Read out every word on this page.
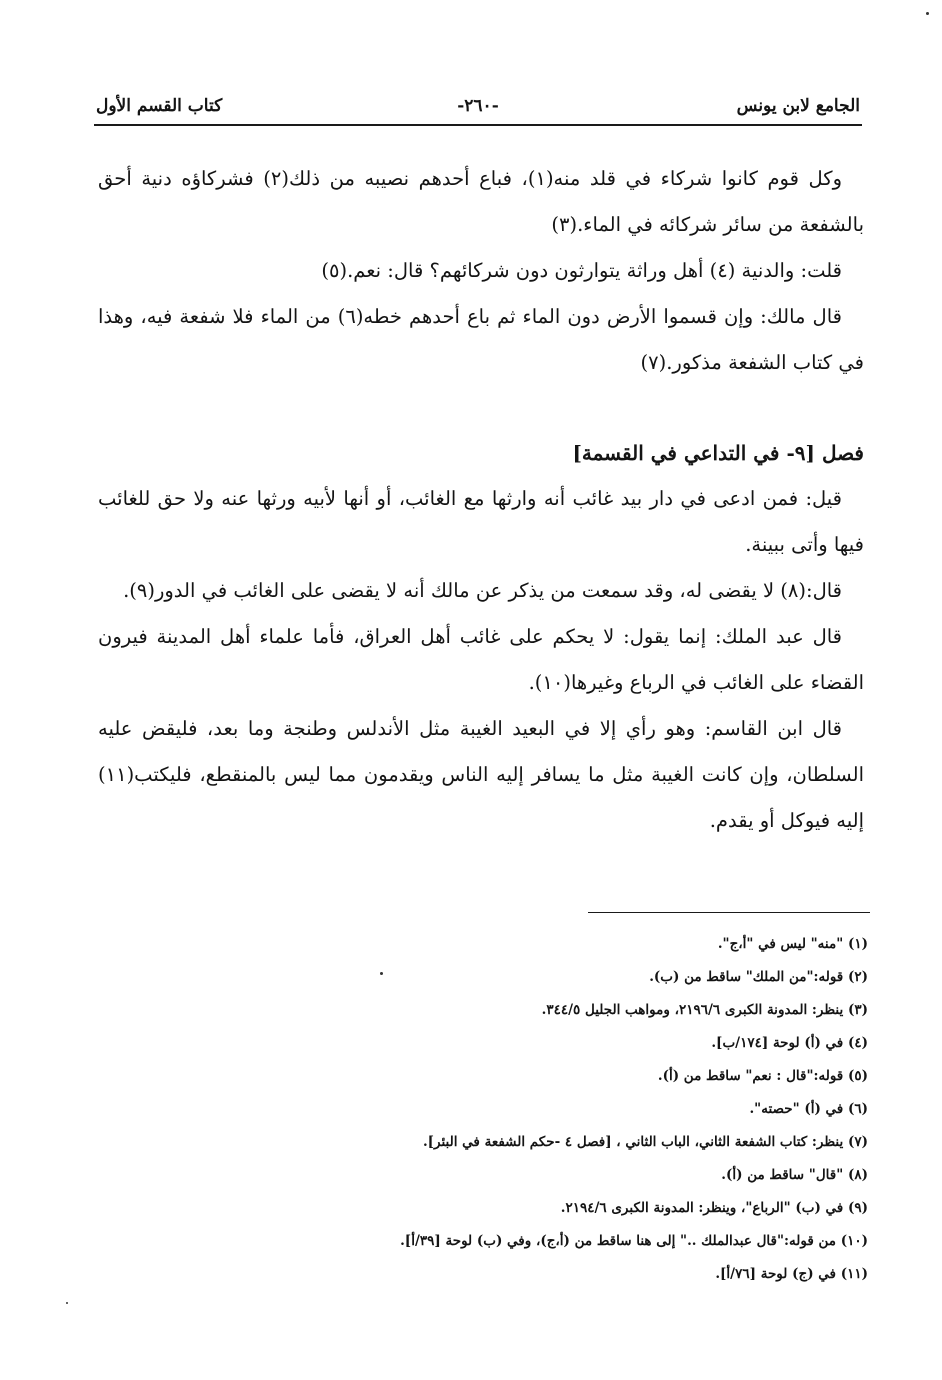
الجامع لابن يونس
-٢٦٠-
كتاب القسم الأول

وكل قوم كانوا شركاء في قلد منه(١)، فباع أحدهم نصيبه من ذلك(٢) فشركاؤه دنية أحق بالشفعة من سائر شركائه في الماء.(٣)

قلت: والدنية (٤) أهل وراثة يتوارثون دون شركائهم؟ قال: نعم.(٥)

قال مالك: وإن قسموا الأرض دون الماء ثم باع أحدهم خطه(٦) من الماء فلا شفعة فيه، وهذا في كتاب الشفعة مذكور.(٧)

فصل [٩- في التداعي في القسمة]

قيل: فمن ادعى في دار بيد غائب أنه وارثها مع الغائب، أو أنها لأبيه ورثها عنه ولا حق للغائب فيها وأتى ببينة.

قال:(٨) لا يقضى له، وقد سمعت من يذكر عن مالك أنه لا يقضى على الغائب في الدور(٩).

قال عبد الملك: إنما يقول: لا يحكم على غائب أهل العراق، فأما علماء أهل المدينة فيرون القضاء على الغائب في الرباع وغيرها(١٠).

قال ابن القاسم: وهو رأي إلا في البعيد الغيبة مثل الأندلس وطنجة وما بعد، فليقض عليه السلطان، وإن كانت الغيبة مثل ما يسافر إليه الناس ويقدمون مما ليس بالمنقطع، فليكتب(١١) إليه فيوكل أو يقدم.

(١) "منه" ليس في "أ،ج".
(٢) قوله:"من الملك" ساقط من (ب).
(٣) ينظر: المدونة الكبرى ٢١٩٦/٦، ومواهب الجليل ٣٤٤/٥.
(٤) في (أ) لوحة [١٧٤/ب].
(٥) قوله:"قال : نعم" ساقط من (أ).
(٦) في (أ) "حصته".
(٧) ينظر: كتاب الشفعة الثاني، الباب الثاني ، [فصل ٤ -حكم الشفعة في البئر].
(٨) "قال" ساقط من (أ).
(٩) في (ب) "الرباع"، وينظر: المدونة الكبرى ٢١٩٤/٦.
(١٠) من قوله:"قال عبدالملك .." إلى هنا ساقط من (أ،ج)، وفي (ب) لوحة [٣٩/أ].
(١١) في (ج) لوحة [٧٦/أ].
